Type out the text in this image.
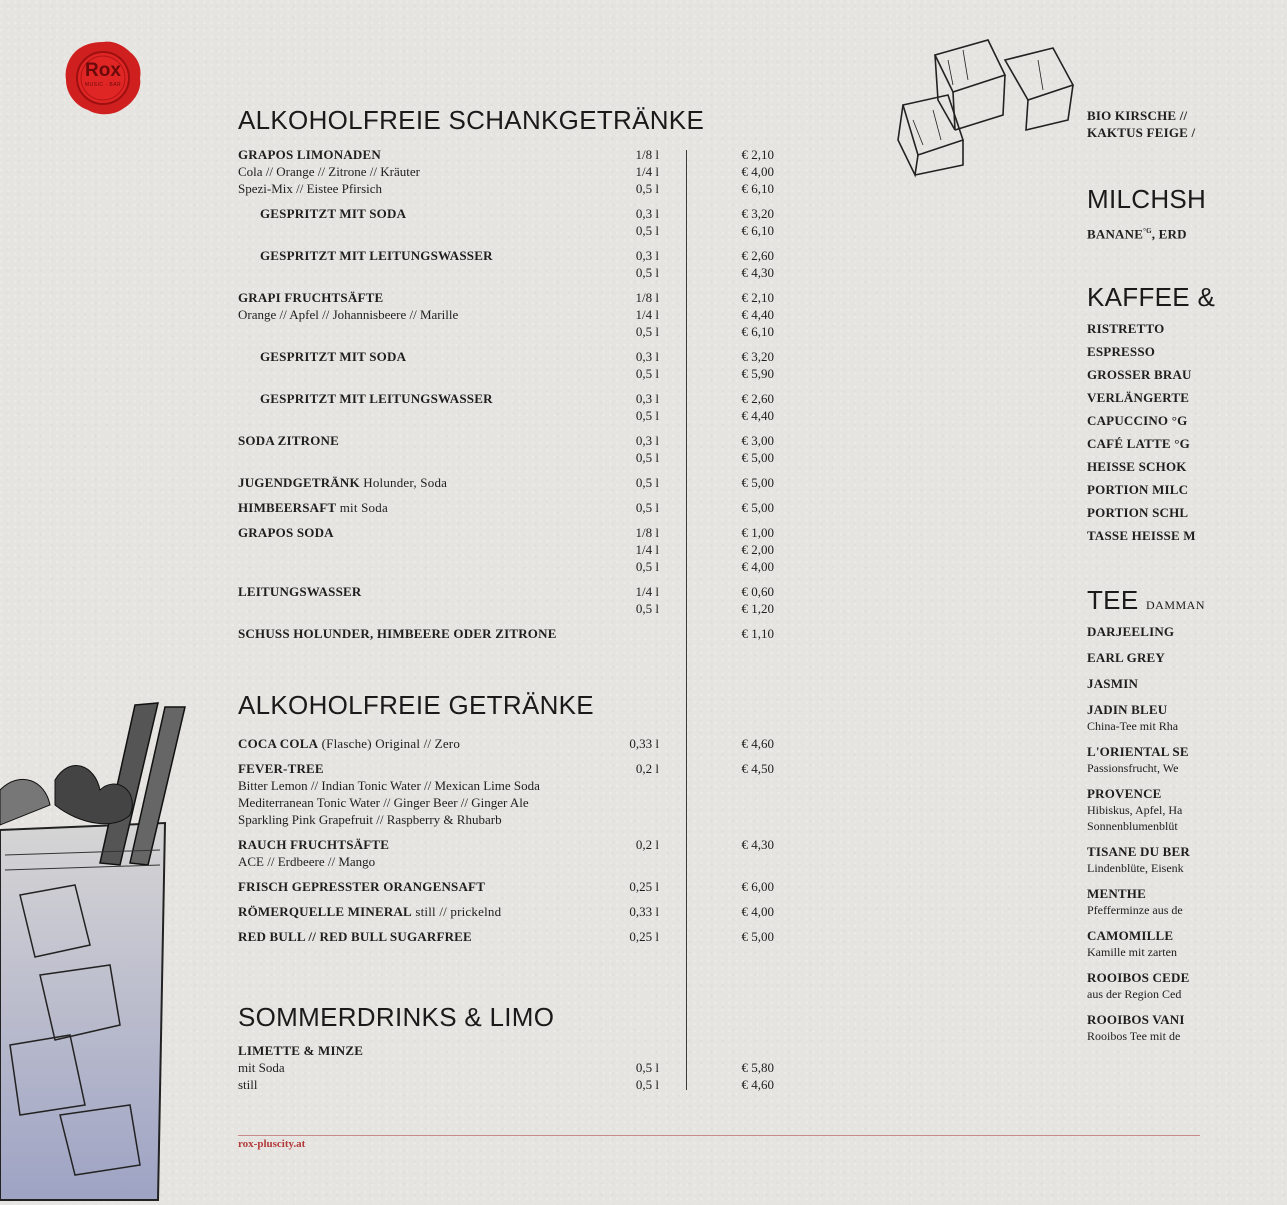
Rox
MUSIC · BAR
ALKOHOLFREIE SCHANKGETRÄNKE
GRAPOS LIMONADEN	1/8 l	€ 2,10
Cola // Orange // Zitrone // Kräuter	1/4 l	€ 4,00
Spezi-Mix // Eistee Pfirsich	0,5 l	€ 6,10
GESPRITZT MIT SODA	0,3 l	€ 3,20
0,5 l	€ 6,10
GESPRITZT MIT LEITUNGSWASSER	0,3 l	€ 2,60
0,5 l	€ 4,30
GRAPI FRUCHTSÄFTE	1/8 l	€ 2,10
Orange // Apfel // Johannisbeere // Marille	1/4 l	€ 4,40
0,5 l	€ 6,10
GESPRITZT MIT SODA	0,3 l	€ 3,20
0,5 l	€ 5,90
GESPRITZT MIT LEITUNGSWASSER	0,3 l	€ 2,60
0,5 l	€ 4,40
SODA ZITRONE	0,3 l	€ 3,00
0,5 l	€ 5,00
JUGENDGETRÄNK Holunder, Soda	0,5 l	€ 5,00
HIMBEERSAFT mit Soda	0,5 l	€ 5,00
GRAPOS SODA	1/8 l	€ 1,00
1/4 l	€ 2,00
0,5 l	€ 4,00
LEITUNGSWASSER	1/4 l	€ 0,60
0,5 l	€ 1,20
SCHUSS HOLUNDER, HIMBEERE ODER ZITRONE	€ 1,10
ALKOHOLFREIE GETRÄNKE
COCA COLA (Flasche) Original // Zero	0,33 l	€ 4,60
FEVER-TREE	0,2 l	€ 4,50
Bitter Lemon // Indian Tonic Water // Mexican Lime Soda
Mediterranean Tonic Water // Ginger Beer // Ginger Ale
Sparkling Pink Grapefruit // Raspberry & Rhubarb
RAUCH FRUCHTSÄFTE	0,2 l	€ 4,30
ACE // Erdbeere // Mango
FRISCH GEPRESSTER ORANGENSAFT	0,25 l	€ 6,00
RÖMERQUELLE MINERAL still // prickelnd	0,33 l	€ 4,00
RED BULL // RED BULL SUGARFREE	0,25 l	€ 5,00
SOMMERDRINKS & LIMO
LIMETTE & MINZE
mit Soda	0,5 l	€ 5,80
still	0,5 l	€ 4,60
rox-pluscity.at
BIO KIRSCHE //
KAKTUS FEIGE /
MILCHSH
$BANANE^{^\circ G}$, ERD
KAFFEE &
RISTRETTO
ESPRESSO
GROSSER BRAU
VERLÄNGERTE
CAPUCCINO °G
CAFÉ LATTE °G
HEISSE SCHOK
PORTION MILC
PORTION SCHL
TASSE HEISSE M
TEE DAMMAN
DARJEELING
EARL GREY
JASMIN
JADIN BLEU
China-Tee mit Rha
L'ORIENTAL SE
Passionsfrucht, We
PROVENCE
Hibiskus, Apfel, Ha
Sonnenblumenblüt
TISANE DU BER
Lindenblüte, Eisenk
MENTHE
Pfefferminze aus de
CAMOMILLE
Kamille mit zarten
ROOIBOS CEDE
aus der Region Ced
ROOIBOS VANI
Rooibos Tee mit de
